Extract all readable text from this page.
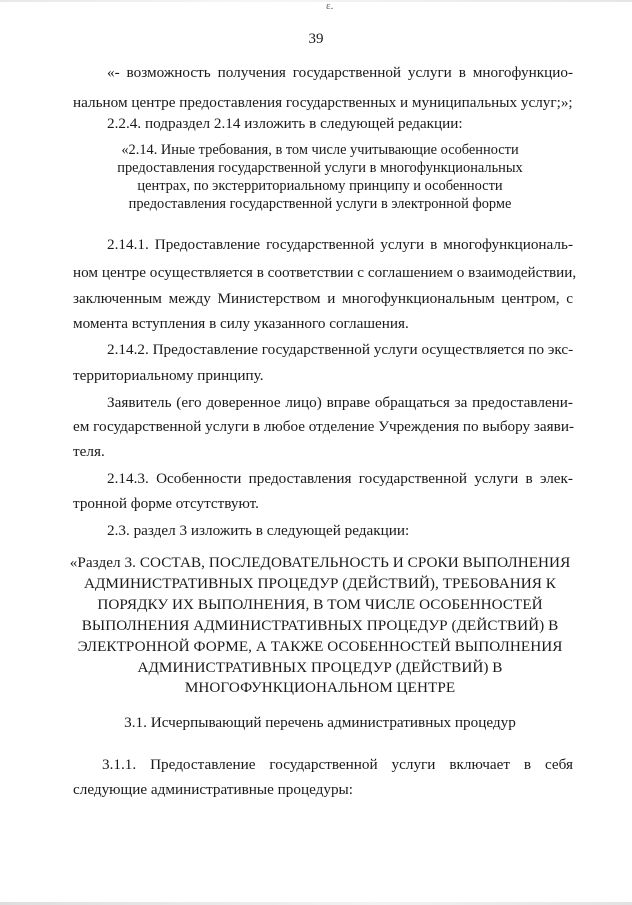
ɛ.
39
«- возможность получения государственной услуги в многофункцио-
нальном центре предоставления государственных и муниципальных услуг;»;
2.2.4. подраздел 2.14 изложить в следующей редакции:
«2.14. Иные требования, в том числе учитывающие особенности
предоставления государственной услуги в многофункциональных
центрах, по экстерриториальному принципу и особенности
предоставления государственной услуги в электронной форме
2.14.1. Предоставление государственной услуги в многофункциональ-
ном центре осуществляется в соответствии с соглашением о взаимодействии,
заключенным между Министерством и многофункциональным центром, с
момента вступления в силу указанного соглашения.
2.14.2. Предоставление государственной услуги осуществляется по экс-
территориальному принципу.
Заявитель (его доверенное лицо) вправе обращаться за предоставлени-
ем государственной услуги в любое отделение Учреждения по выбору заяви-
теля.
2.14.3. Особенности предоставления государственной услуги в элек-
тронной форме отсутствуют.
2.3. раздел 3 изложить в следующей редакции:
«Раздел 3. СОСТАВ, ПОСЛЕДОВАТЕЛЬНОСТЬ И СРОКИ ВЫПОЛНЕНИЯ
АДМИНИСТРАТИВНЫХ ПРОЦЕДУР (ДЕЙСТВИЙ), ТРЕБОВАНИЯ К
ПОРЯДКУ ИХ ВЫПОЛНЕНИЯ, В ТОМ ЧИСЛЕ ОСОБЕННОСТЕЙ
ВЫПОЛНЕНИЯ АДМИНИСТРАТИВНЫХ ПРОЦЕДУР (ДЕЙСТВИЙ) В
ЭЛЕКТРОННОЙ ФОРМЕ, А ТАКЖЕ ОСОБЕННОСТЕЙ ВЫПОЛНЕНИЯ
АДМИНИСТРАТИВНЫХ ПРОЦЕДУР (ДЕЙСТВИЙ) В
МНОГОФУНКЦИОНАЛЬНОМ ЦЕНТРЕ
3.1. Исчерпывающий перечень административных процедур
3.1.1. Предоставление государственной услуги включает в себя
следующие административные процедуры:
